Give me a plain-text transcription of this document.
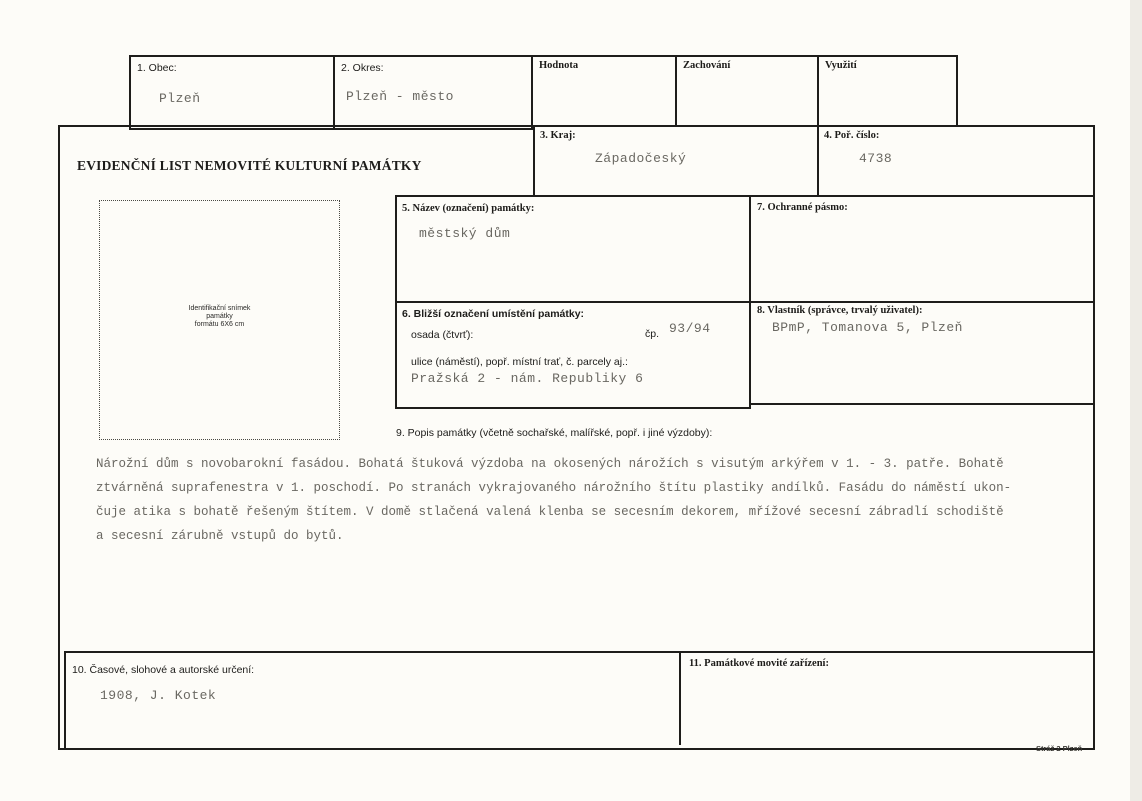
1. Obec:
Plzeň
2. Okres:
Plzeň - město
Hodnota	Zachování	Využití
EVIDENČNÍ LIST NEMOVITÉ KULTURNÍ PAMÁTKY
3. Kraj:
Západočeský
4. Poř. číslo:
4738
Identifikační snímek
památky
formátu 6X6 cm
5. Název (označení) památky:
městský dům
7. Ochranné pásmo:
6. Bližší označení umístění památky:
osada (čtvrť):	čp. 93/94
ulice (náměstí), popř. místní trať, č. parcely aj.:
Pražská 2 - nám. Republiky 6
8. Vlastník (správce, trvalý uživatel):
BPmP, Tomanova 5, Plzeň
9. Popis památky (včetně sochařské, malířské, popř. i jiné výzdoby):
Nárožní dům s novobarokní fasádou. Bohatá štuková výzdoba na okosených nárožích s visutým arkýřem v 1. - 3. patře. Bohatě
ztvárněná suprafenestra v 1. poschodí. Po stranách vykrajovaného nárožního štítu plastiky andílků. Fasádu do náměstí ukon-
čuje atika s bohatě řešeným štítem. V domě stlačená valená klenba se secesním dekorem, mřížové secesní zábradlí schodiště
a secesní zárubně vstupů do bytů.
10. Časové, slohové a autorské určení:
1908, J. Kotek
11. Památkové movité zařízení:
Stráž 2 Plzeň
